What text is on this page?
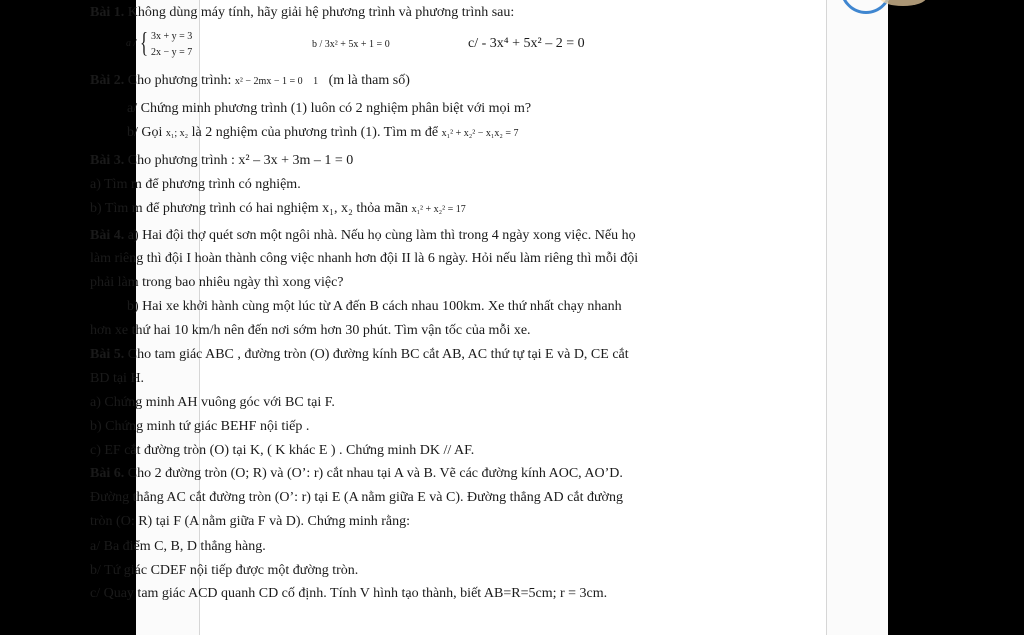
Bài 1. Không dùng máy tính, hãy giải hệ phương trình và phương trình sau:
a / { 3x + y = 3
2x − y = 7
b / 3x² + 5x + 1 = 0	c/ - 3x⁴ + 5x² – 2 = 0
Bài 2. Cho phương trình: x² − 2mx − 1 = 0 1 (m là tham số)
a/ Chứng minh phương trình (1) luôn có 2 nghiệm phân biệt với mọi m?
b/ Gọi x₁; x₂ là 2 nghiệm của phương trình (1). Tìm m để x₁² + x₂² − x₁x₂ = 7
Bài 3. Cho phương trình : x² – 3x + 3m – 1 = 0
a) Tìm m để phương trình có nghiệm.
b) Tìm m để phương trình có hai nghiệm x₁, x₂ thỏa mãn x₁² + x₂² = 17
Bài 4. a) Hai đội thợ quét sơn một ngôi nhà. Nếu họ cùng làm thì trong 4 ngày xong việc. Nếu họ
làm riêng thì đội I hoàn thành công việc nhanh hơn đội II là 6 ngày. Hỏi nếu làm riêng thì mỗi đội
phải làm trong bao nhiêu ngày thì xong việc?
b) Hai xe khởi hành cùng một lúc từ A đến B cách nhau 100km. Xe thứ nhất chạy nhanh
hơn xe thứ hai 10 km/h nên đến nơi sớm hơn 30 phút. Tìm vận tốc của mỗi xe.
Bài 5. Cho tam giác ABC , đường tròn (O) đường kính BC cắt AB, AC thứ tự tại E và D, CE cắt
BD tại H.
a) Chứng minh AH vuông góc với BC tại F.
b) Chứng minh tứ giác BEHF nội tiếp .
c) EF cắt đường tròn (O) tại K, ( K khác E ) . Chứng minh DK // AF.
Bài 6. Cho 2 đường tròn (O; R) và (O’: r) cắt nhau tại A và B. Vẽ các đường kính AOC, AO’D.
Đường thẳng AC cắt đường tròn (O’: r) tại E (A nằm giữa E và C). Đường thẳng AD cắt đường
tròn (O: R) tại F (A nằm giữa F và D). Chứng minh rằng:
a/ Ba điểm C, B, D thẳng hàng.
b/ Tứ giác CDEF nội tiếp được một đường tròn.
c/ Quay tam giác ACD quanh CD cố định. Tính V hình tạo thành, biết AB=R=5cm; r = 3cm.
